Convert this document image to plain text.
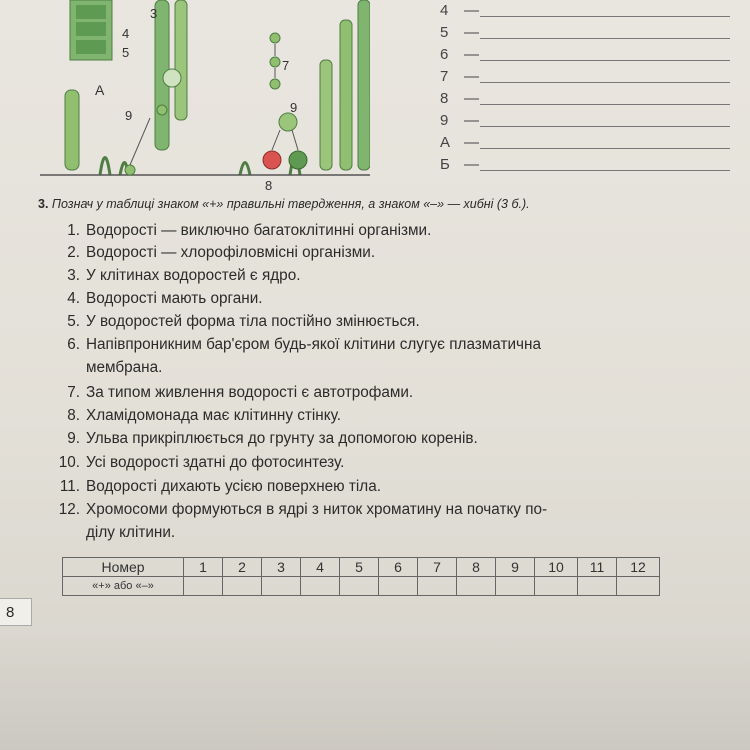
3
4
5
7
9
9
8
А
4	—
5	—
6	—
7	—
8	—
9	—
А —
Б —
3. Познач у таблиці знаком «+» правильні твердження, а знаком «–» — хибні (3 б.).
1. Водорості — виключно багатоклітинні організми.
2. Водорості — хлорофіловмісні організми.
3. У клітинах водоростей є ядро.
4. Водорості мають органи.
5. У водоростей форма тіла постійно змінюється.
6. Напівпроникним бар'єром будь-якої клітини слугує плазматична
мембрана.
7. За типом живлення водорості є автотрофами.
8. Хламідомонада має клітинну стінку.
9. Ульва прикріплюється до грунту за допомогою коренів.
10. Усі водорості здатні до фотосинтезу.
11. Водорості дихають усією поверхнею тіла.
12. Хромосоми формуються в ядрі з ниток хроматину на початку по-
ділу клітини.
Номер	1	2	3	4	5	6	7	8	9	10	11	12
«+» або «–»												
8
